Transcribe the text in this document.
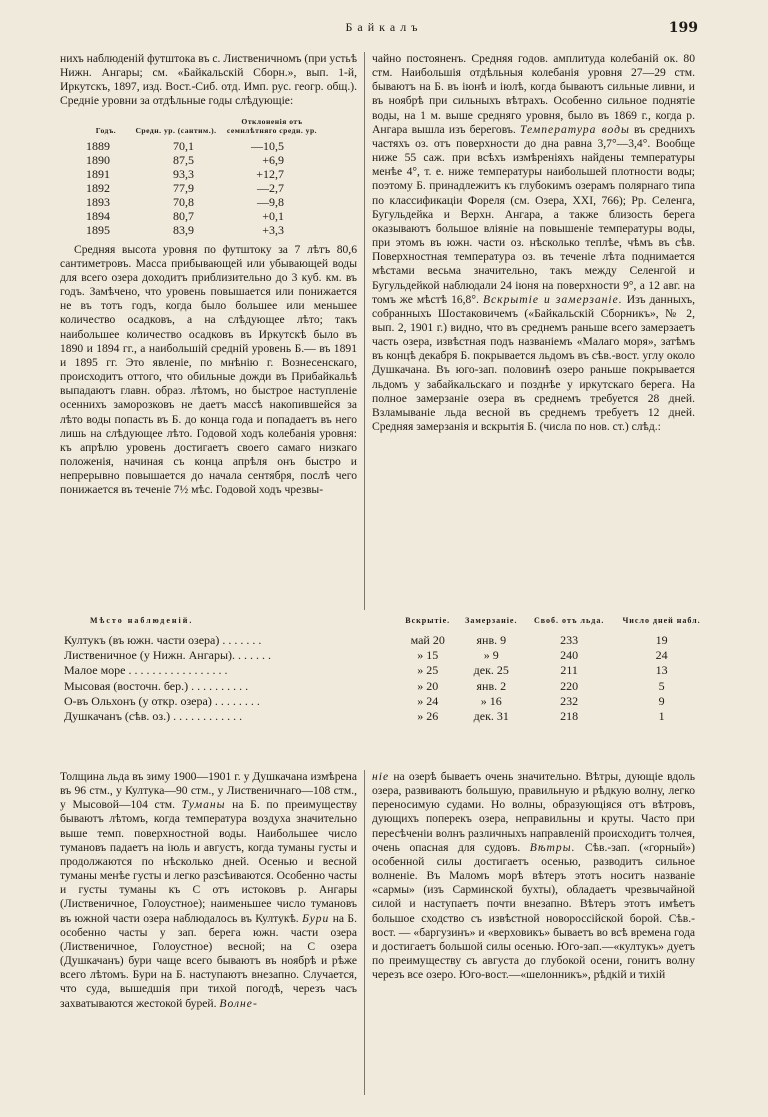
Байкалъ	199

нихъ наблюденій футштока въ с. Лиственичномъ (при устьѣ Нижн. Ангары; см. «Байкальскій Сборн.», вып. 1-й, Иркутскъ, 1897, изд. Вост.-Сиб. отд. Имп. рус. геогр. общ.). Средніе уровни за отдѣльные годы слѣдующіе:

Годъ.	Средн. ур. (сантим.).	Отклоненія отъ семилѣтняго средн. ур.
1889	70,1	—10,5
1890	87,5	+6,9
1891	93,3	+12,7
1892	77,9	—2,7
1893	70,8	—9,8
1894	80,7	+0,1
1895	83,9	+3,3

Средняя высота уровня по футштоку за 7 лѣтъ 80,6 сантиметровъ. Масса прибывающей или убывающей воды для всего озера доходитъ приблизительно до 3 куб. км. въ годъ. Замѣчено, что уровень повышается или понижается не въ тотъ годъ, когда было большее или меньшее количество осадковъ, а на слѣдующее лѣто; такъ наибольшее количество осадковъ въ Иркутскѣ было въ 1890 и 1894 гг., а наибольшій средній уровень Б.— въ 1891 и 1895 гг. Это явленіе, по мнѣнію г. Вознесенскаго, происходитъ оттого, что обильные дожди въ Прибайкальѣ выпадаютъ главн. образ. лѣтомъ, но быстрое наступленіе осеннихъ заморозковъ не даетъ массѣ накопившейся за лѣто воды попасть въ Б. до конца года и попадаетъ въ него лишь на слѣдующее лѣто. Годовой ходъ колебанія уровня: къ апрѣлю уровень достигаетъ своего самаго низкаго положенія, начиная съ конца апрѣля онъ быстро и непрерывно повышается до начала сентября, послѣ чего понижается въ теченіе 7½ мѣс. Годовой ходъ чрезвы-

чайно постояненъ. Средняя годов. амплитуда колебаній ок. 80 стм. Наибольшія отдѣльныя колебанія уровня 27—29 стм. бываютъ на Б. въ іюнѣ и іюлѣ, когда бываютъ сильные ливни, и въ ноябрѣ при сильныхъ вѣтрахъ. Особенно сильное поднятіе воды, на 1 м. выше средняго уровня, было въ 1869 г., когда р. Ангара вышла изъ береговъ. Температура воды въ среднихъ частяхъ оз. отъ поверхности до дна равна 3,7°—3,4°. Вообще ниже 55 саж. при всѣхъ измѣреніяхъ найдены температуры менѣе 4°, т. е. ниже температуры наибольшей плотности воды; поэтому Б. принадлежитъ къ глубокимъ озерамъ полярнаго типа по классификаціи Фореля (см. Озера, XXI, 766); Рр. Селенга, Бугульдейка и Верхн. Ангара, а также близость берега оказываютъ большое вліяніе на повышеніе температуры воды, при этомъ въ южн. части оз. нѣсколько теплѣе, чѣмъ въ сѣв. Поверхностная температура оз. въ теченіе лѣта поднимается мѣстами весьма значительно, такъ между Селенгой и Бугульдейкой наблюдали 24 іюня на поверхности 9°, а 12 авг. на томъ же мѣстѣ 16,8°. Вскрытіе и замерзаніе. Изъ данныхъ, собранныхъ Шостаковичемъ («Байкальскій Сборникъ», № 2, вып. 2, 1901 г.) видно, что въ среднемъ раньше всего замерзаетъ часть озера, извѣстная подъ названіемъ «Малаго моря», затѣмъ въ концѣ декабря Б. покрывается льдомъ въ сѣв.-вост. углу около Душкачана. Въ юго-зап. половинѣ озеро раньше покрывается льдомъ у забайкальскаго и позднѣе у иркутскаго берега. На полное замерзаніе озера въ среднемъ требуется 28 дней. Взламываніе льда весной въ среднемъ требуетъ 12 дней. Средняя замерзанія и вскрытія Б. (числа по нов. ст.) слѣд.:

Мѣсто наблюденій.	Вскрытіе.	Замерзаніе.	Своб. отъ льда.	Число дней набл.
Култукъ (въ южн. части озера) . . . . . . .	май 20	янв. 9	233	19
Лиственичное (у Нижн. Ангары). . . . . . .	» 15	» 9	240	24
Малое море . . . . . . . . . . . . . . . . .	» 25	дек. 25	211	13
Мысовая (восточн. бер.) . . . . . . . . . .	» 20	янв. 2	220	5
О-въ Ольхонъ (у откр. озера) . . . . . . . .	» 24	» 16	232	9
Душкачанъ (сѣв. оз.) . . . . . . . . . . . .	» 26	дек. 31	218	1

Толщина льда въ зиму 1900—1901 г. у Душкачана измѣрена въ 96 стм., у Култука—90 стм., у Лиственичнаго—108 стм., у Мысовой—104 стм. Туманы на Б. по преимуществу бываютъ лѣтомъ, когда температура воздуха значительно выше темп. поверхностной воды. Наибольшее число тумановъ падаетъ на іюль и августъ, когда туманы густы и продолжаются по нѣсколько дней. Осенью и весной туманы менѣе густы и легко разсѣиваются. Особенно часты и густы туманы къ С отъ истоковъ р. Ангары (Лиственичное, Голоустное); наименьшее число тумановъ въ южной части озера наблюдалось въ Култукѣ. Бури на Б. особенно часты у зап. берега южн. части озера (Лиственичное, Голоустное) весной; на С озера (Душкачанъ) бури чаще всего бываютъ въ ноябрѣ и рѣже всего лѣтомъ. Бури на Б. наступаютъ внезапно. Случается, что суда, вышедшія при тихой погодѣ, черезъ часъ захватываются жестокой бурей. Волне-

ніе на озерѣ бываетъ очень значительно. Вѣтры, дующіе вдоль озера, развиваютъ большую, правильную и рѣдкую волну, легко переносимую судами. Но волны, образующіяся отъ вѣтровъ, дующихъ поперекъ озера, неправильны и круты. Часто при пересѣченіи волнъ различныхъ направленій происходитъ толчея, очень опасная для судовъ. Вѣтры. Сѣв.-зап. («горный») особенной силы достигаетъ осенью, разводитъ сильное волненіе. Въ Маломъ морѣ вѣтеръ этотъ носитъ названіе «сармы» (изъ Сарминской бухты), обладаетъ чрезвычайной силой и наступаетъ почти внезапно. Вѣтеръ этотъ имѣетъ большое сходство съ извѣстной новороссійской борой. Сѣв.-вост. — «баргузинъ» и «верховикъ» бываетъ во всѣ времена года и достигаетъ большой силы осенью. Юго-зап.—«култукъ» дуетъ по преимуществу съ августа до глубокой осени, гонитъ волну черезъ все озеро. Юго-вост.—«шелонникъ», рѣдкій и тихій
